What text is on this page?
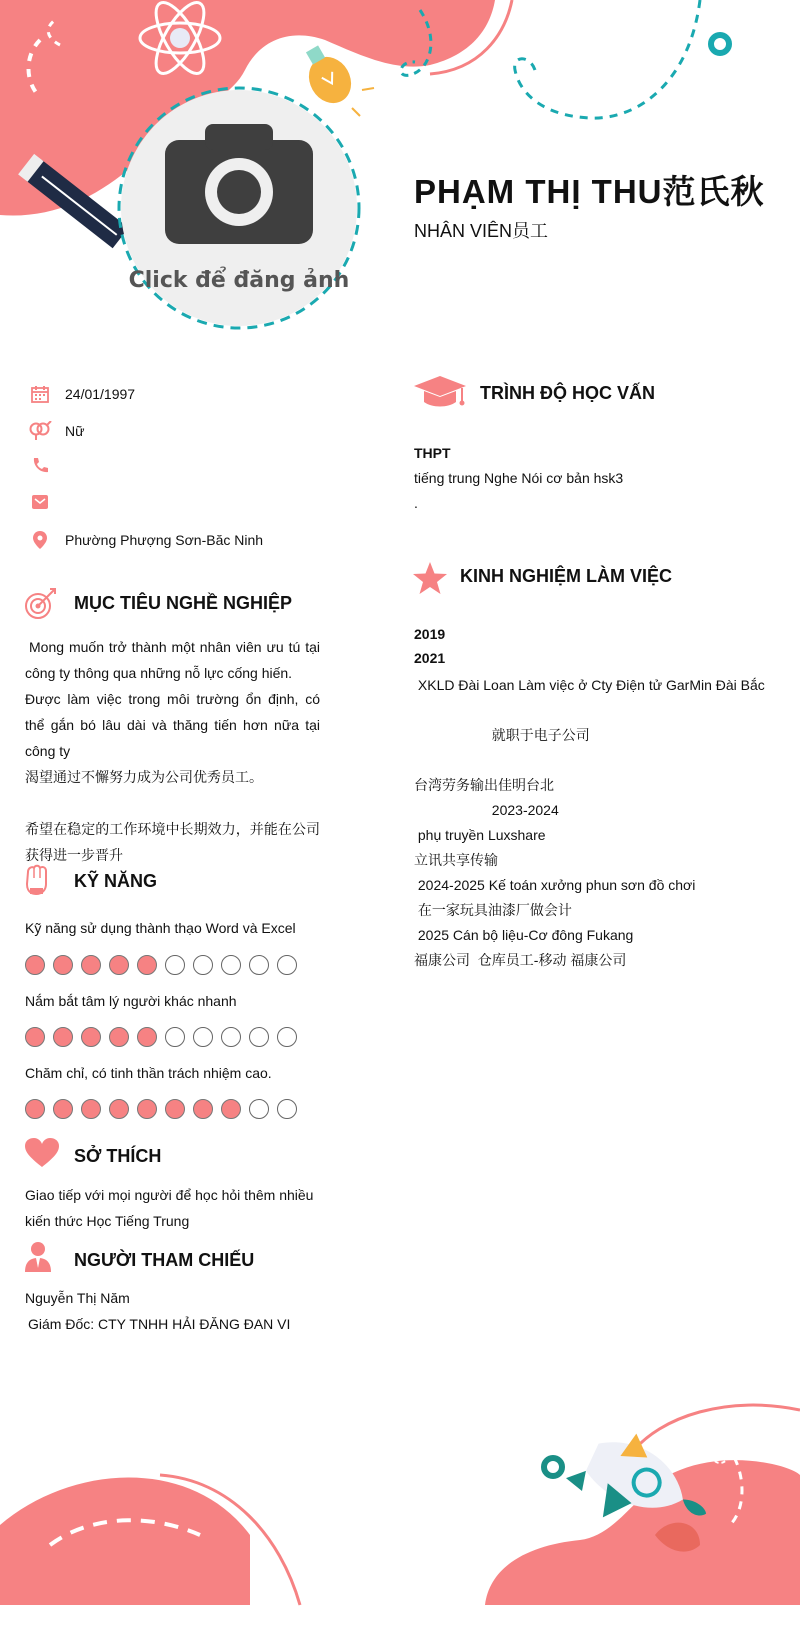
Click để đăng ảnh
PHẠM THỊ THU范氏秋
NHÂN VIÊN员工
24/01/1997
Nữ
Phường Phượng Sơn-Băc Ninh
MỤC TIÊU NGHỀ NGHIỆP
Mong muốn trở thành một nhân viên ưu tú tại công ty thông qua những nỗ lực cống hiến.
Được làm việc trong môi trường ổn định, có thể gắn bó lâu dài và thăng tiến hơn nữa tại công ty
渴望通过不懈努力成为公司优秀员工。
希望在稳定的工作环境中长期效力，并能在公司获得进一步晋升
KỸ NĂNG
Kỹ năng sử dụng thành thạo Word và Excel
Nắm bắt tâm lý người khác nhanh
Chăm chỉ, có tinh thần trách nhiệm cao.
SỞ THÍCH
Giao tiếp với mọi người để học hỏi thêm nhiều kiến thức Học Tiếng Trung
NGƯỜI THAM CHIẾU
Nguyễn Thị Năm
Giám Đốc: CTY TNHH HẢI ĐĂNG ĐAN VI
TRÌNH ĐỘ HỌC VẤN
THPT
tiếng trung Nghe Nói cơ bản hsk3
.
KINH NGHIỆM LÀM VIỆC
2019
2021
XKLD Đài Loan Làm việc ở Cty Điện tử GarMin Đài Bắc
就职于电子公司
台湾劳务输出佳明台北
2023-2024
phụ truyền Luxshare
立讯共享传输
2024-2025 Kế toán xưởng phun sơn đồ chơi
在一家玩具油漆厂做会计
2025 Cán bộ liệu-Cơ đông Fukang
福康公司  仓库员工-移动 福康公司
